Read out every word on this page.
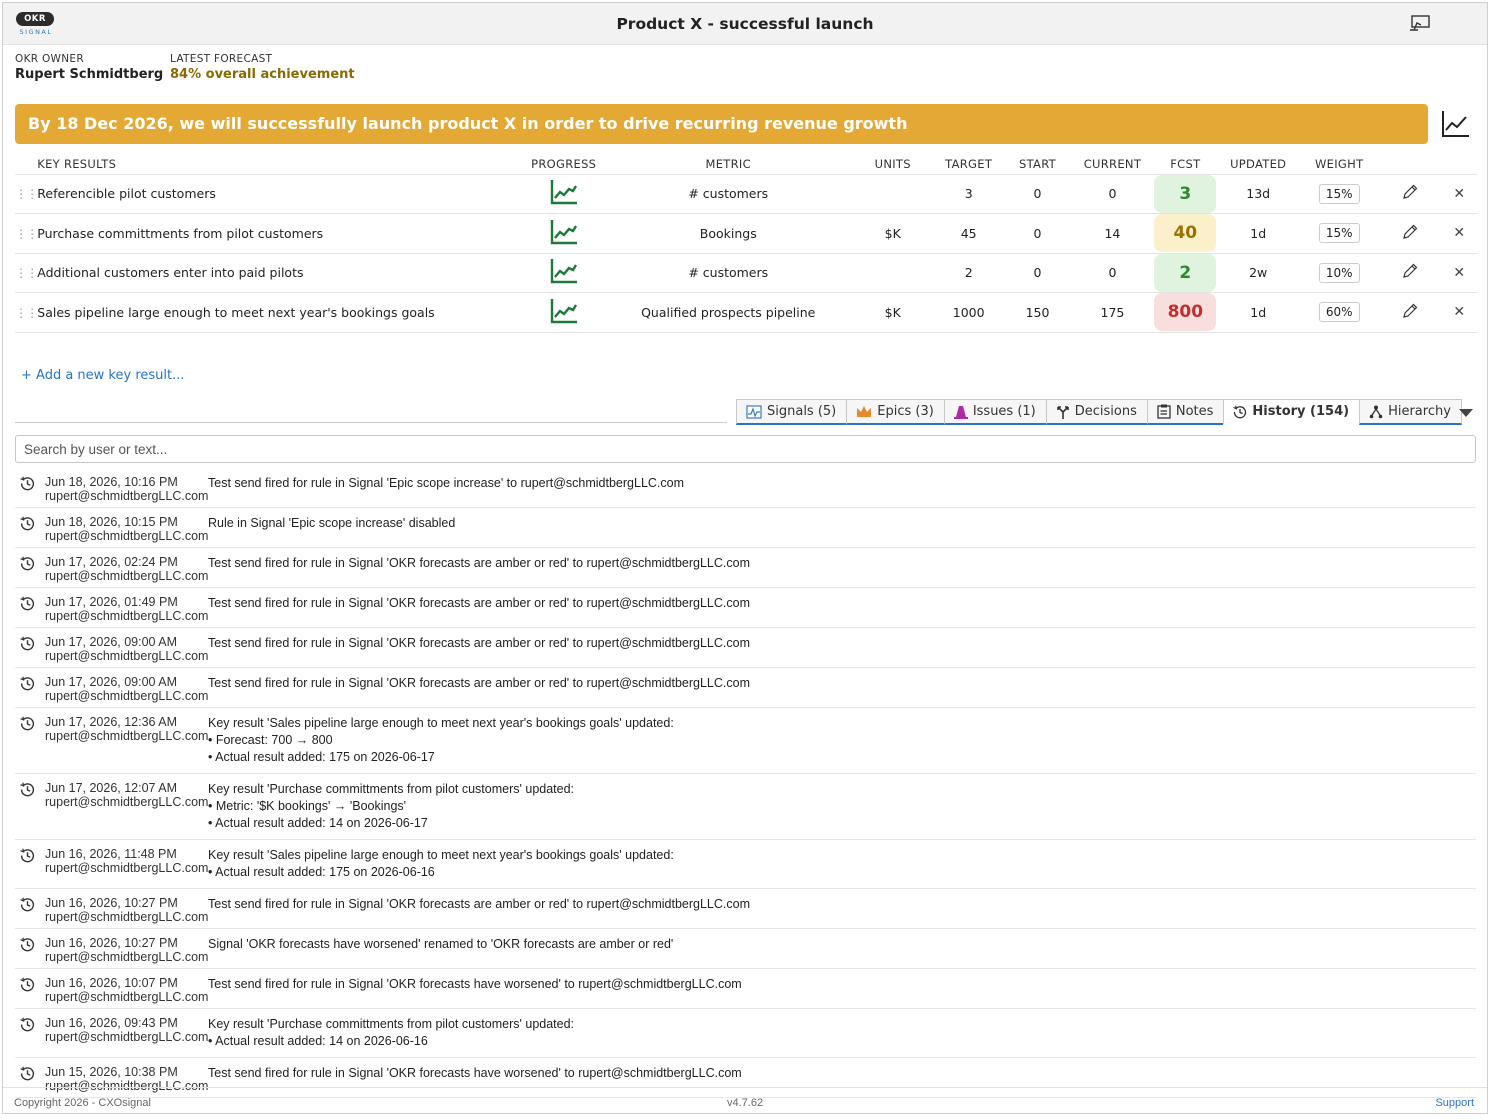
OKR
SIGNAL	Product X - successful launch
OKR OWNER
Rupert Schmidtberg
LATEST FORECAST
84% overall achievement
By 18 Dec 2026, we will successfully launch product X in order to drive recurring revenue growth
	KEY RESULTS	PROGRESS	METRIC	UNITS	TARGET	START	CURRENT	FCST	UPDATED	WEIGHT		
⋮⋮	Referencible pilot customers		# customers		3	0	0	3	13d	15%		✕
⋮⋮	Purchase committments from pilot customers		Bookings	$K	45	0	14	40	1d	15%		✕
⋮⋮	Additional customers enter into paid pilots		# customers		2	0	0	2	2w	10%		✕
⋮⋮	Sales pipeline large enough to meet next year's bookings goals		Qualified prospects pipeline	$K	1000	150	175	800	1d	60%		✕
+ Add a new key result...
Signals (5)	Epics (3)	Issues (1)	Decisions	Notes	History (154)	Hierarchy
Search by user or text...
Jun 18, 2026, 10:16 PM
rupert@schmidtbergLLC.com
Test send fired for rule in Signal 'Epic scope increase' to rupert@schmidtbergLLC.com
Jun 18, 2026, 10:15 PM
rupert@schmidtbergLLC.com
Rule in Signal 'Epic scope increase' disabled
Jun 17, 2026, 02:24 PM
rupert@schmidtbergLLC.com
Test send fired for rule in Signal 'OKR forecasts are amber or red' to rupert@schmidtbergLLC.com
Jun 17, 2026, 01:49 PM
rupert@schmidtbergLLC.com
Test send fired for rule in Signal 'OKR forecasts are amber or red' to rupert@schmidtbergLLC.com
Jun 17, 2026, 09:00 AM
rupert@schmidtbergLLC.com
Test send fired for rule in Signal 'OKR forecasts are amber or red' to rupert@schmidtbergLLC.com
Jun 17, 2026, 09:00 AM
rupert@schmidtbergLLC.com
Test send fired for rule in Signal 'OKR forecasts are amber or red' to rupert@schmidtbergLLC.com
Jun 17, 2026, 12:36 AM
rupert@schmidtbergLLC.com
Key result 'Sales pipeline large enough to meet next year's bookings goals' updated:
• Forecast: 700 → 800
• Actual result added: 175 on 2026-06-17
Jun 17, 2026, 12:07 AM
rupert@schmidtbergLLC.com
Key result 'Purchase committments from pilot customers' updated:
• Metric: '$K bookings' → 'Bookings'
• Actual result added: 14 on 2026-06-17
Jun 16, 2026, 11:48 PM
rupert@schmidtbergLLC.com
Key result 'Sales pipeline large enough to meet next year's bookings goals' updated:
• Actual result added: 175 on 2026-06-16
Jun 16, 2026, 10:27 PM
rupert@schmidtbergLLC.com
Test send fired for rule in Signal 'OKR forecasts are amber or red' to rupert@schmidtbergLLC.com
Jun 16, 2026, 10:27 PM
rupert@schmidtbergLLC.com
Signal 'OKR forecasts have worsened' renamed to 'OKR forecasts are amber or red'
Jun 16, 2026, 10:07 PM
rupert@schmidtbergLLC.com
Test send fired for rule in Signal 'OKR forecasts have worsened' to rupert@schmidtbergLLC.com
Jun 16, 2026, 09:43 PM
rupert@schmidtbergLLC.com
Key result 'Purchase committments from pilot customers' updated:
• Actual result added: 14 on 2026-06-16
Jun 15, 2026, 10:38 PM
rupert@schmidtbergLLC.com
Test send fired for rule in Signal 'OKR forecasts have worsened' to rupert@schmidtbergLLC.com
Copyright 2026 - CXOsignal	v4.7.62	Support
